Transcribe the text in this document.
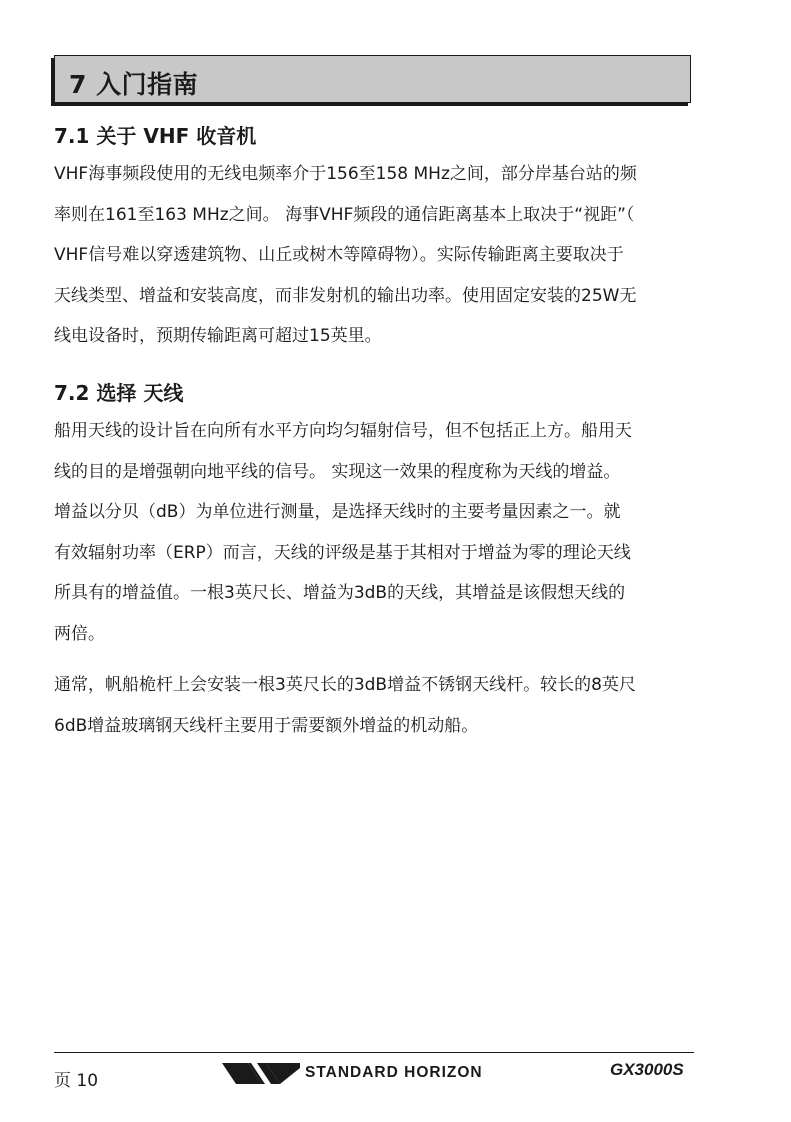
7 入门指南
7.1 关于 VHF 收音机
VHF海事频段使用的无线电频率介于156至158 MHz之间，部分岸基台站的频
率则在161至163 MHz之间。 海事VHF频段的通信距离基本上取决于“视距”（
VHF信号难以穿透建筑物、山丘或树木等障碍物）。实际传输距离主要取决于
天线类型、增益和安装高度，而非发射机的输出功率。使用固定安装的25W无
线电设备时，预期传输距离可超过15英里。
7.2 选择 天线
船用天线的设计旨在向所有水平方向均匀辐射信号，但不包括正上方。船用天
线的目的是增强朝向地平线的信号。 实现这一效果的程度称为天线的增益。
增益以分贝（dB）为单位进行测量，是选择天线时的主要考量因素之一。就
有效辐射功率（ERP）而言，天线的评级是基于其相对于增益为零的理论天线
所具有的增益值。一根3英尺长、增益为3dB的天线，其增益是该假想天线的
两倍。
通常，帆船桅杆上会安装一根3英尺长的3dB增益不锈钢天线杆。较长的8英尺
6dB增益玻璃钢天线杆主要用于需要额外增益的机动船。
页 10	STANDARD HORIZON	GX3000S
